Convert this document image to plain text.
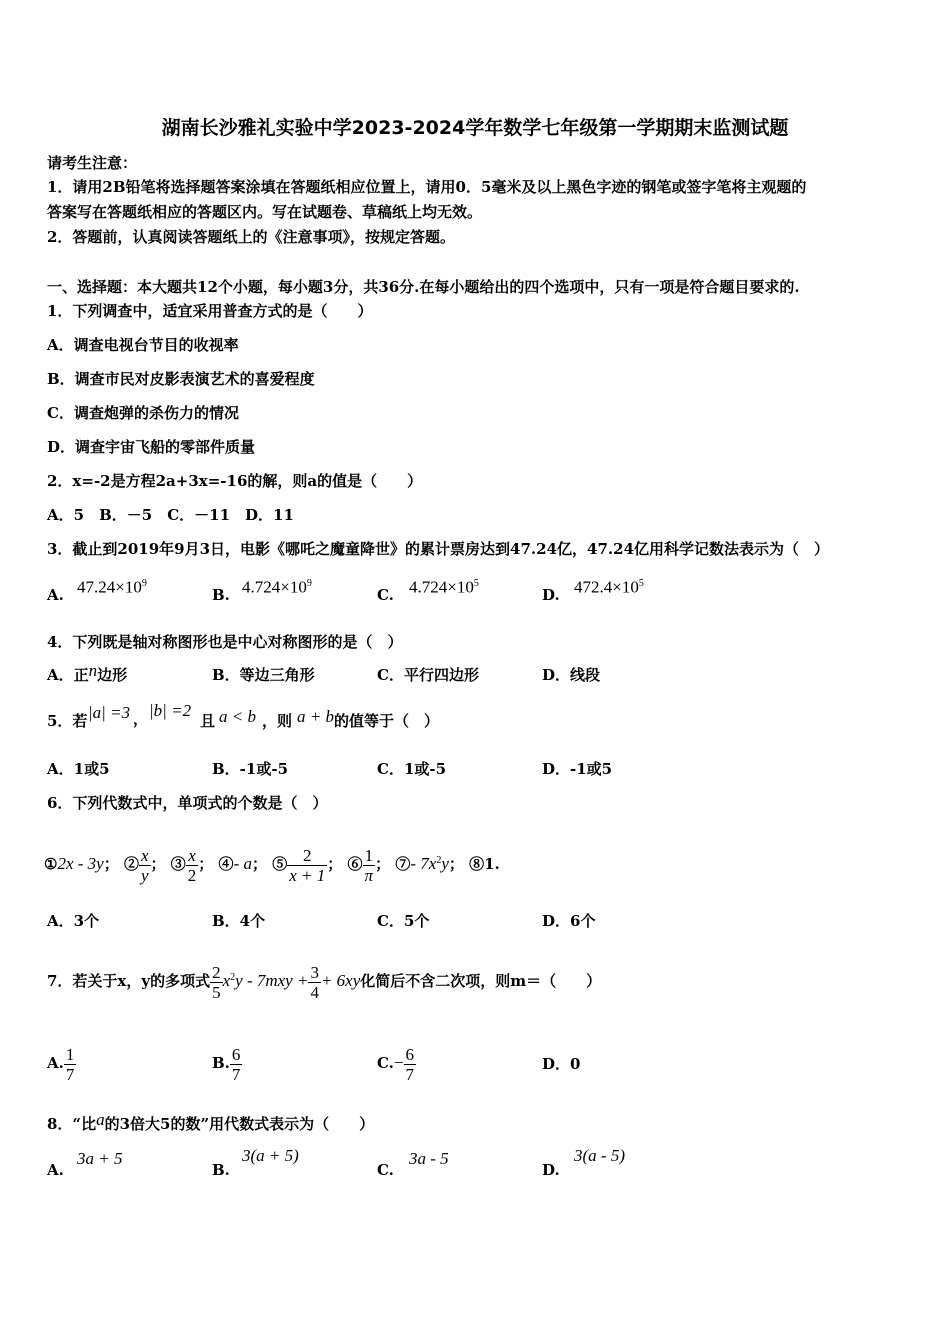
湖南长沙雅礼实验中学2023-2024学年数学七年级第一学期期末监测试题
请考生注意：
1．请用2B铅笔将选择题答案涂填在答题纸相应位置上，请用0．5毫米及以上黑色字迹的钢笔或签字笔将主观题的
答案写在答题纸相应的答题区内。写在试题卷、草稿纸上均无效。
2．答题前，认真阅读答题纸上的《注意事项》，按规定答题。
一、选择题：本大题共12个小题，每小题3分，共36分.在每小题给出的四个选项中，只有一项是符合题目要求的.
1．下列调查中，适宜采用普查方式的是（　　）
A．调查电视台节目的收视率
B．调查市民对皮影表演艺术的喜爱程度
C．调查炮弹的杀伤力的情况
D．调查宇宙飞船的零部件质量
2．x=-2是方程2a+3x=-16的解，则a的值是（　　）
A．5　B．－5　C．－11　D．11
3．截止到2019年9月3日，电影《哪吒之魔童降世》的累计票房达到47.24亿，47.24亿用科学记数法表示为（　）
A. $47.24\times 10^9$
B. $4.724\times 10^9$
C. $4.724\times 10^5$
D. $472.4\times 10^5$
4．下列既是轴对称图形也是中心对称图形的是（　）
A．正n边形	B．等边三角形	C．平行四边形	D．线段
5．若 |a| =3 ， |b| =2
且 a < b ，则 a + b 的值等于（　）
A．1或5	B．-1或-5	C．1或-5	D．-1或5
6．下列代数式中，单项式的个数是（　）
①2x - 3y； ② $\frac{x}{y}$ ； ③ $\frac{x}{2}$ ； ④- a； ⑤ $\frac{2}{x + 1}$ ； ⑥ $\frac{1}{\pi}$ ； ⑦- $7x^2y$； ⑧1.
A．3个	B．4个	C．5个	D．6个
7．若关于x，y的多项式 $\frac{2}{5} x^2y - 7mxy + \frac{3}{4} + 6xy$化简后不含二次项，则m＝（　　）
A. $\frac{1}{7}$	B. $\frac{6}{7}$	$C.- \frac{6}{7}$	D．0
8．“比a的3倍大5的数”用代数式表示为（　　）
A.
3a + 5
B.
3(a + 5)
C.
3a - 5
D.
3(a - 5)
